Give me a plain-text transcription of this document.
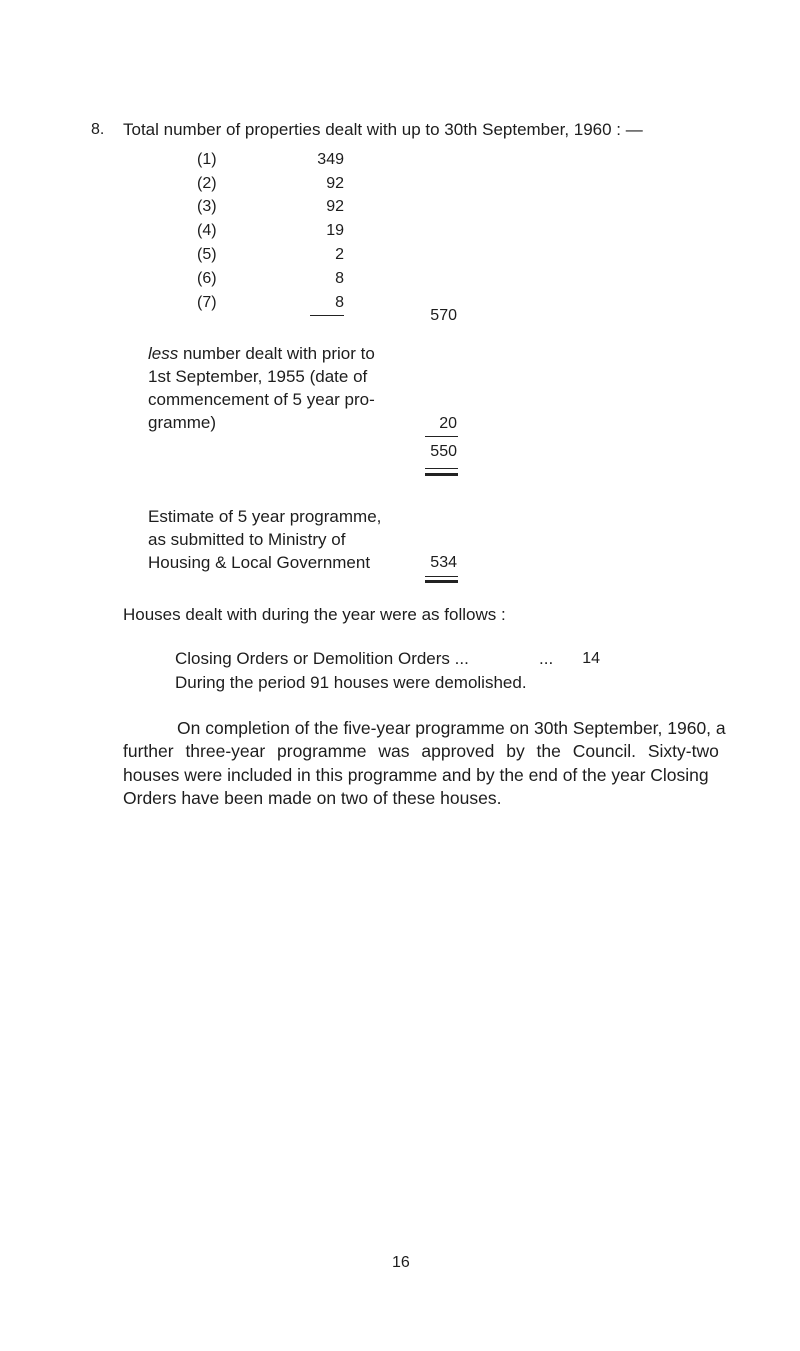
8. Total number of properties dealt with up to 30th September, 1960 : —
(1)	349
(2)	92
(3)	92
(4)	19
(5)	2
(6)	8
(7)	8
570
less number dealt with prior to
1st September, 1955 (date of
commencement of 5 year pro-
gramme)	20
550
Estimate of 5 year programme,
as submitted to Ministry of
Housing & Local Government	534
Houses dealt with during the year were as follows :
Closing Orders or Demolition Orders ...	...	14
During the period 91 houses were demolished.
On completion of the five-year programme on 30th September, 1960, a
further three-year programme was approved by the Council. Sixty-two
houses were included in this programme and by the end of the year Closing
Orders have been made on two of these houses.
16
